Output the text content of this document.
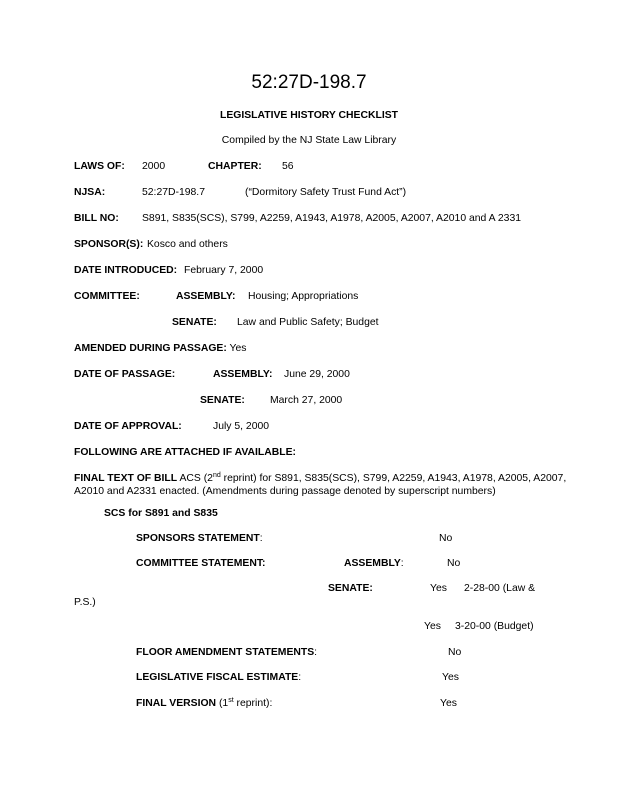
52:27D-198.7
LEGISLATIVE HISTORY CHECKLIST
Compiled by the NJ State Law Library
LAWS OF: 2000	CHAPTER: 56
NJSA:	52:27D-198.7	(“Dormitory Safety Trust Fund Act”)
BILL NO: S891, S835(SCS), S799, A2259, A1943, A1978, A2005, A2007, A2010 and A 2331
SPONSOR(S): Kosco and others
DATE INTRODUCED: February 7, 2000
COMMITTEE:	ASSEMBLY: Housing; Appropriations
SENATE: Law and Public Safety; Budget
AMENDED DURING PASSAGE: Yes
DATE OF PASSAGE:	ASSEMBLY: June 29, 2000
SENATE: March 27, 2000
DATE OF APPROVAL:	July 5, 2000
FOLLOWING ARE ATTACHED IF AVAILABLE:
FINAL TEXT OF BILL ACS (2nd reprint) for S891, S835(SCS), S799, A2259, A1943, A1978, A2005, A2007,
A2010 and A2331 enacted. (Amendments during passage denoted by superscript numbers)
SCS for S891 and S835
SPONSORS STATEMENT:	No
COMMITTEE STATEMENT:	ASSEMBLY:	No
SENATE:	Yes 2-28-00 (Law &
P.S.)
Yes 3-20-00 (Budget)
FLOOR AMENDMENT STATEMENTS:	No
LEGISLATIVE FISCAL ESTIMATE:	Yes
FINAL VERSION (1st reprint):	Yes
